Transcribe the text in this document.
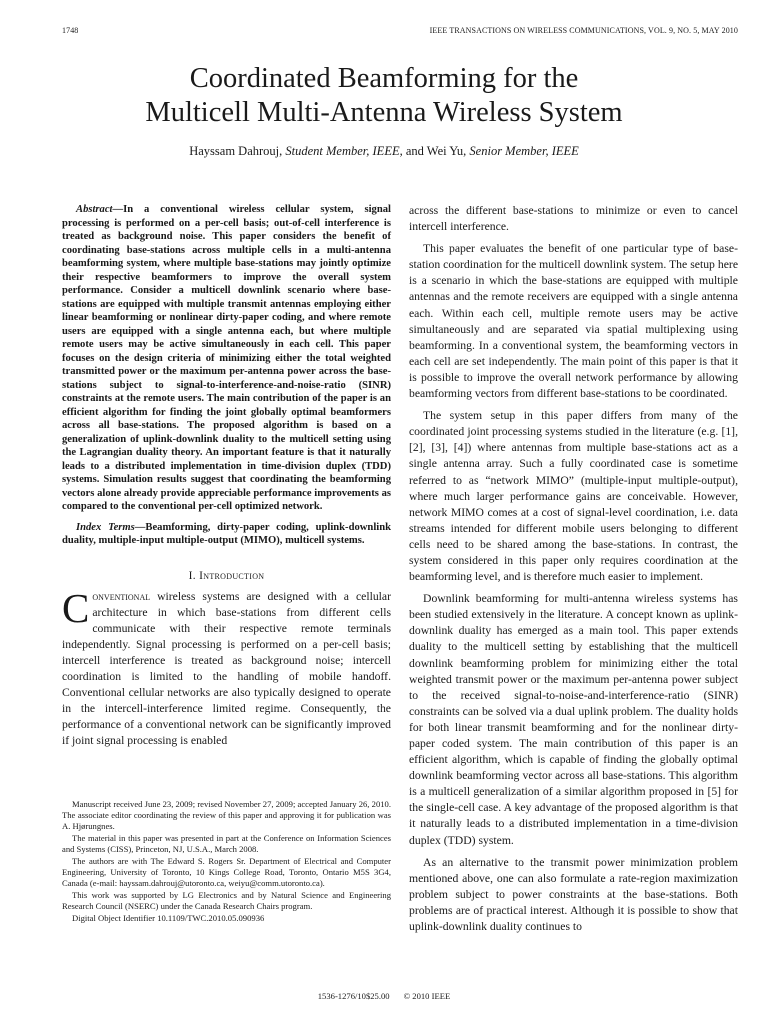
1748	IEEE TRANSACTIONS ON WIRELESS COMMUNICATIONS, VOL. 9, NO. 5, MAY 2010
Coordinated Beamforming for the
Multicell Multi-Antenna Wireless System
Hayssam Dahrouj, Student Member, IEEE, and Wei Yu, Senior Member, IEEE

Abstract—In a conventional wireless cellular system, signal processing is performed on a per-cell basis; out-of-cell interference is treated as background noise. This paper considers the benefit of coordinating base-stations across multiple cells in a multi-antenna beamforming system, where multiple base-stations may jointly optimize their respective beamformers to improve the overall system performance. Consider a multicell downlink scenario where base-stations are equipped with multiple transmit antennas employing either linear beamforming or nonlinear dirty-paper coding, and where remote users are equipped with a single antenna each, but where multiple remote users may be active simultaneously in each cell. This paper focuses on the design criteria of minimizing either the total weighted transmitted power or the maximum per-antenna power across the base-stations subject to signal-to-interference-and-noise-ratio (SINR) constraints at the remote users. The main contribution of the paper is an efficient algorithm for finding the joint globally optimal beamformers across all base-stations. The proposed algorithm is based on a generalization of uplink-downlink duality to the multicell setting using the Lagrangian duality theory. An important feature is that it naturally leads to a distributed implementation in time-division duplex (TDD) systems. Simulation results suggest that coordinating the beamforming vectors alone already provide appreciable performance improvements as compared to the conventional per-cell optimized network.

Index Terms—Beamforming, dirty-paper coding, uplink-downlink duality, multiple-input multiple-output (MIMO), multicell systems.

I. Introduction

Conventional wireless systems are designed with a cellular architecture in which base-stations from different cells communicate with their respective remote terminals independently. Signal processing is performed on a per-cell basis; intercell interference is treated as background noise; intercell coordination is limited to the handling of mobile handoff. Conventional cellular networks are also typically designed to operate in the intercell-interference limited regime. Consequently, the performance of a conventional network can be significantly improved if joint signal processing is enabled

Manuscript received June 23, 2009; revised November 27, 2009; accepted January 26, 2010. The associate editor coordinating the review of this paper and approving it for publication was A. Hjørungnes.

The material in this paper was presented in part at the Conference on Information Sciences and Systems (CISS), Princeton, NJ, U.S.A., March 2008.

The authors are with The Edward S. Rogers Sr. Department of Electrical and Computer Engineering, University of Toronto, 10 Kings College Road, Toronto, Ontario M5S 3G4, Canada (e-mail: hayssam.dahrouj@utoronto.ca, weiyu@comm.utoronto.ca).

This work was supported by LG Electronics and by Natural Science and Engineering Research Council (NSERC) under the Canada Research Chairs program.

Digital Object Identifier 10.1109/TWC.2010.05.090936

across the different base-stations to minimize or even to cancel intercell interference.

This paper evaluates the benefit of one particular type of base-station coordination for the multicell downlink system. The setup here is a scenario in which the base-stations are equipped with multiple antennas and the remote receivers are equipped with a single antenna each. Within each cell, multiple remote users may be active simultaneously and are separated via spatial multiplexing using beamforming. In a conventional system, the beamforming vectors in each cell are set independently. The main point of this paper is that it is possible to improve the overall network performance by allowing beamforming vectors from different base-stations to be coordinated.

The system setup in this paper differs from many of the coordinated joint processing systems studied in the literature (e.g. [1], [2], [3], [4]) where antennas from multiple base-stations act as a single antenna array. Such a fully coordinated case is sometime referred to as “network MIMO” (multiple-input multiple-output), where much larger performance gains are conceivable. However, network MIMO comes at a cost of signal-level coordination, i.e. data streams intended for different mobile users belonging to different cells need to be shared among the base-stations. In contrast, the system considered in this paper only requires coordination at the beamforming level, and is therefore much easier to implement.

Downlink beamforming for multi-antenna wireless systems has been studied extensively in the literature. A concept known as uplink-downlink duality has emerged as a main tool. This paper extends duality to the multicell setting by establishing that the multicell downlink beamforming problem for minimizing either the total weighted transmit power or the maximum per-antenna power subject to the received signal-to-noise-and-interference-ratio (SINR) constraints can be solved via a dual uplink problem. The duality holds for both linear transmit beamforming and for the nonlinear dirty-paper coded system. The main contribution of this paper is an efficient algorithm, which is capable of finding the globally optimal downlink beamforming vector across all base-stations. This algorithm is a multicell generalization of a similar algorithm proposed in [5] for the single-cell case. A key advantage of the proposed algorithm is that it naturally leads to a distributed implementation in a time-division duplex (TDD) system.

As an alternative to the transmit power minimization problem mentioned above, one can also formulate a rate-region maximization problem subject to power constraints at the base-stations. Both problems are of practical interest. Although it is possible to show that uplink-downlink duality continues to

1536-1276/10$25.00 © 2010 IEEE
